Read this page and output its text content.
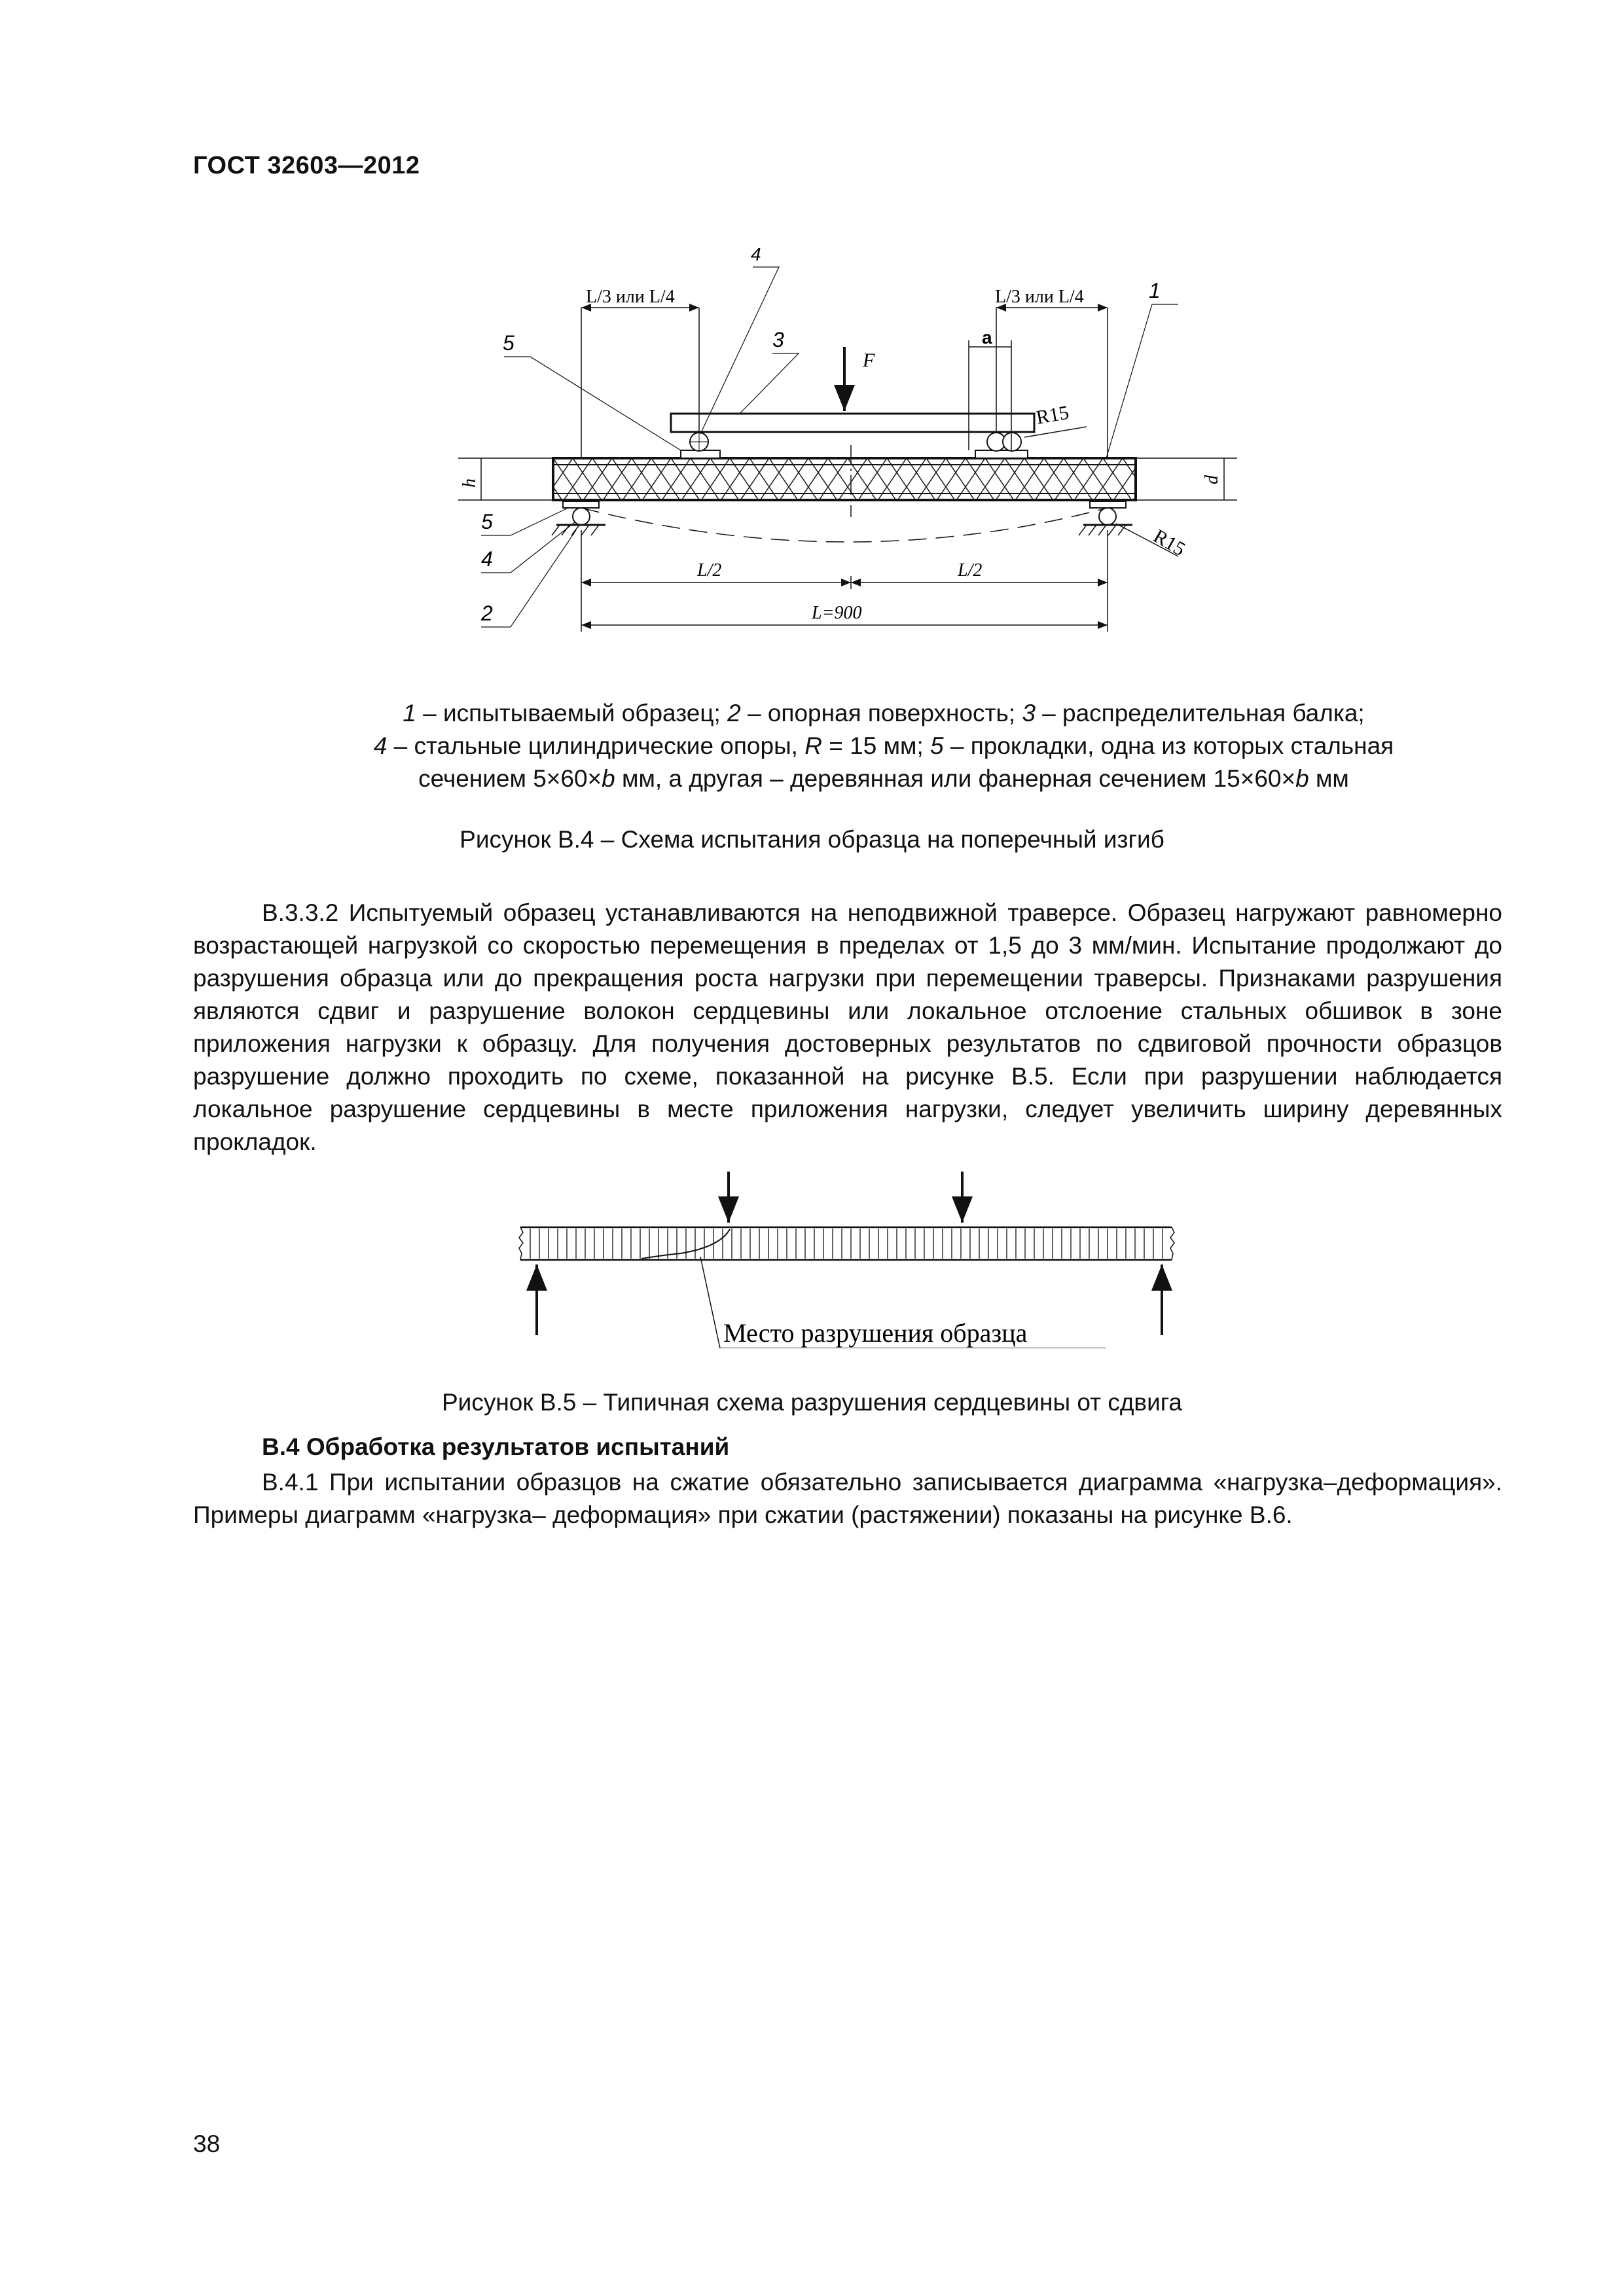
ГОСТ 32603—2012
F
L/3 или L/4	L/3 или L/4
a
R15
R15
h	d
L/2	L/2
L=900
4
1
5	3
5
4
2
1 – испытываемый образец; 2 – опорная поверхность; 3 – распределительная балка;
4 – стальные цилиндрические опоры, R = 15 мм; 5 – прокладки, одна из которых стальная
сечением 5×60×b мм, а другая – деревянная или фанерная сечением 15×60×b мм
Рисунок В.4 – Схема испытания образца на поперечный изгиб
В.3.3.2 Испытуемый образец устанавливаются на неподвижной траверсе. Образец нагружают равномерно возрастающей нагрузкой со скоростью перемещения в пределах от 1,5 до 3 мм/мин. Испытание продолжают до разрушения образца или до прекращения роста нагрузки при перемещении траверсы. Признаками разрушения являются сдвиг и разрушение волокон сердцевины или локальное отслоение стальных обшивок в зоне приложения нагрузки к образцу. Для получения достоверных результатов по сдвиговой прочности образцов разрушение должно проходить по схеме, показанной на рисунке В.5. Если при разрушении наблюдается локальное разрушение сердцевины в месте приложения нагрузки, следует увеличить ширину деревянных прокладок.
Место разрушения образца
Рисунок В.5 – Типичная схема разрушения сердцевины от сдвига
В.4 Обработка результатов испытаний
В.4.1 При испытании образцов на сжатие обязательно записывается диаграмма «нагрузка–деформация». Примеры диаграмм «нагрузка– деформация» при сжатии (растяжении) показаны на рисунке В.6.
38
